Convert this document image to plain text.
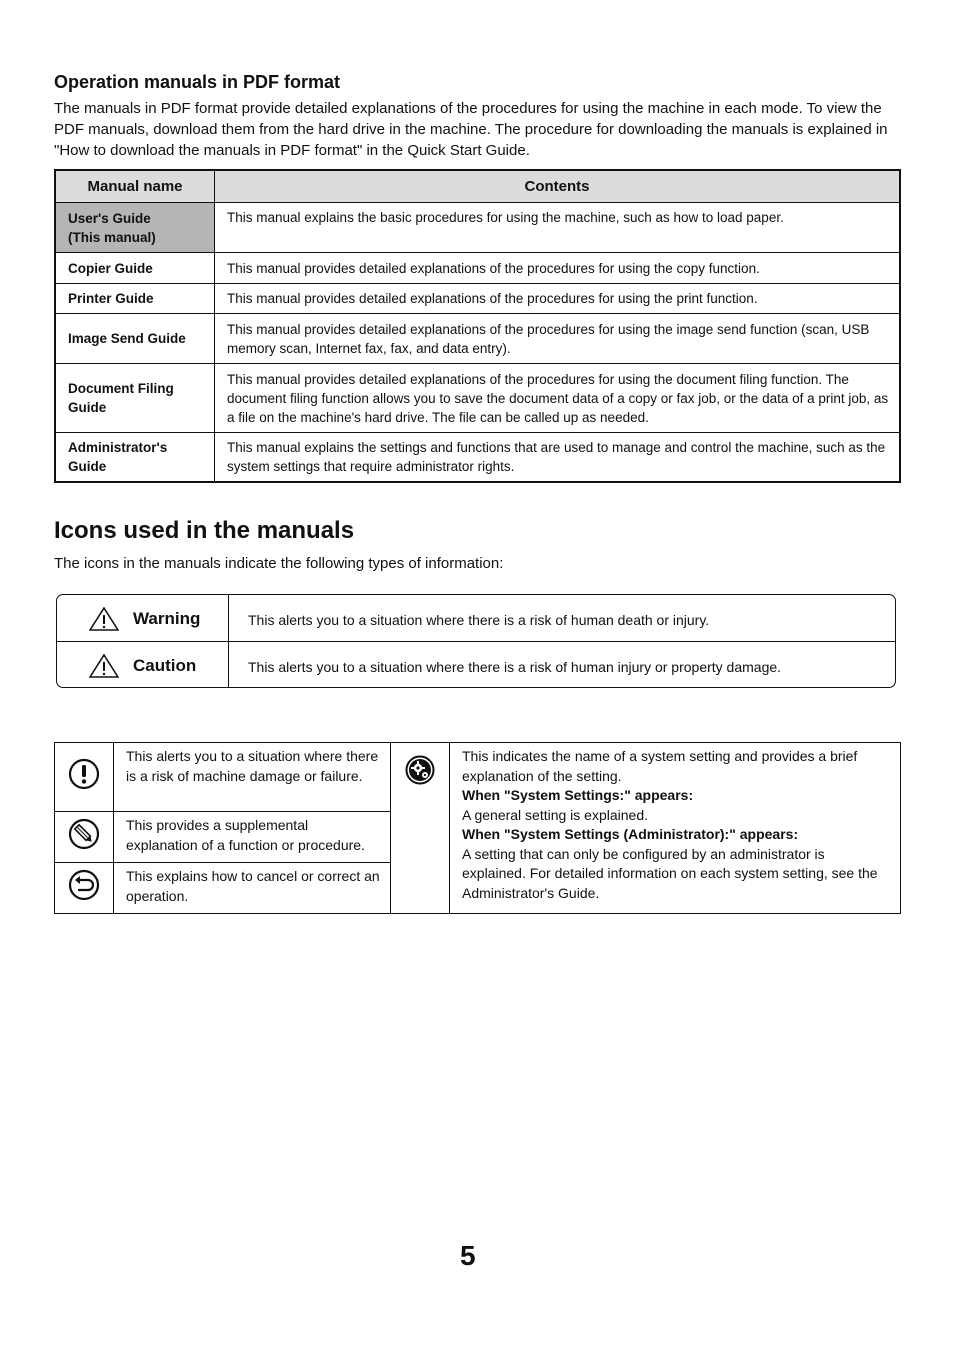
Operation manuals in PDF format
The manuals in PDF format provide detailed explanations of the procedures for using the machine in each mode. To view the PDF manuals, download them from the hard drive in the machine. The procedure for downloading the manuals is explained in "How to download the manuals in PDF format" in the Quick Start Guide.
Manual name	Contents
User's Guide
(This manual)	This manual explains the basic procedures for using the machine, such as how to load paper.
Copier Guide	This manual provides detailed explanations of the procedures for using the copy function.
Printer Guide	This manual provides detailed explanations of the procedures for using the print function.
Image Send Guide	This manual provides detailed explanations of the procedures for using the image send function (scan, USB memory scan, Internet fax, fax, and data entry).
Document Filing
Guide	This manual provides detailed explanations of the procedures for using the document filing function. The document filing function allows you to save the document data of a copy or fax job, or the data of a print job, as a file on the machine's hard drive. The file can be called up as needed.
Administrator's
Guide	This manual explains the settings and functions that are used to manage and control the machine, such as the system settings that require administrator rights.
Icons used in the manuals
The icons in the manuals indicate the following types of information:
Warning	This alerts you to a situation where there is a risk of human death or injury.
Caution	This alerts you to a situation where there is a risk of human injury or property damage.
	This alerts you to a situation where there is a risk of machine damage or failure.		This indicates the name of a system setting and provides a brief explanation of the setting.
When "System Settings:" appears:
A general setting is explained.
When "System Settings (Administrator):" appears:
A setting that can only be configured by an administrator is explained. For detailed information on each system setting, see the Administrator's Guide.

	This provides a supplemental explanation of a function or procedure.		
	This explains how to cancel or correct an operation.		
5
